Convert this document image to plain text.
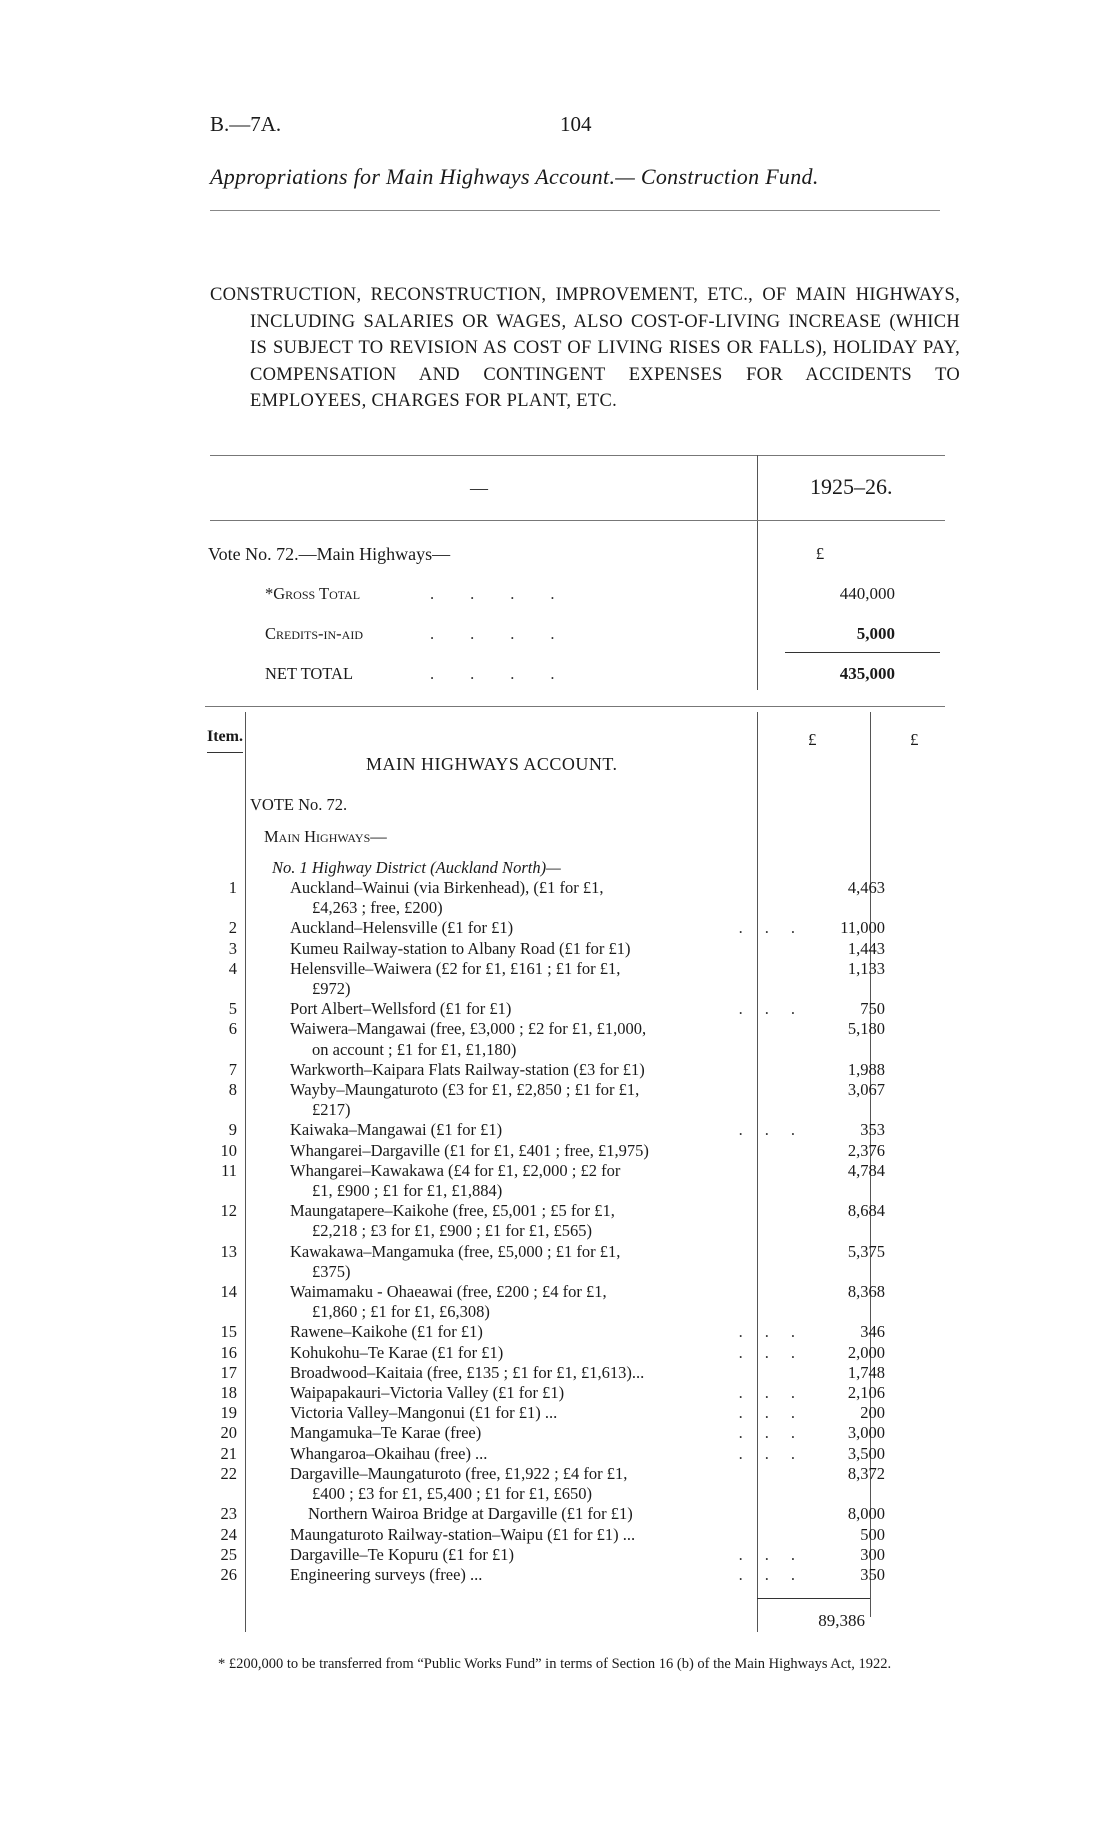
B.—7A.	104
Appropriations for Main Highways Account.— Construction Fund.

CONSTRUCTION, RECONSTRUCTION, IMPROVEMENT, ETC., OF MAIN HIGHWAYS, INCLUDING SALARIES OR WAGES, ALSO COST-OF-LIVING INCREASE (WHICH IS SUBJECT TO REVISION AS COST OF LIVING RISES OR FALLS), HOLIDAY PAY, COMPENSATION AND CONTINGENT EXPENSES FOR ACCIDENTS TO EMPLOYEES, CHARGES FOR PLANT, ETC.

—	1925–26.
Vote No. 72.—Main Highways—	£
*Gross Total	....	440,000
Credits-in-aid	....	5,000
NET TOTAL	....	435,000
Item.	£	£
MAIN HIGHWAYS ACCOUNT.
VOTE No. 72.
Main Highways—
No. 1 Highway District (Auckland North)—
1	Auckland–Wainui (via Birkenhead), (£1 for £1,
£4,263 ; free, £200)
4,463
2	Auckland–Helensville (£1 for £1)	...	11,000
3	Kumeu Railway-station to Albany Road (£1 for £1)	1,443
4	Helensville–Waiwera (£2 for £1, £161 ; £1 for £1,
£972)
1,133
5	Port Albert–Wellsford (£1 for £1)	...	750
6	Waiwera–Mangawai (free, £3,000 ; £2 for £1, £1,000,
on account ; £1 for £1, £1,180)
5,180
7	Warkworth–Kaipara Flats Railway-station (£3 for £1)	1,988
8	Wayby–Maungaturoto (£3 for £1, £2,850 ; £1 for £1,
£217)
3,067
9	Kaiwaka–Mangawai (£1 for £1)	...	353
10	Whangarei–Dargaville (£1 for £1, £401 ; free, £1,975)	2,376
11	Whangarei–Kawakawa (£4 for £1, £2,000 ; £2 for
£1, £900 ; £1 for £1, £1,884)
4,784
12	Maungatapere–Kaikohe (free, £5,001 ; £5 for £1,
£2,218 ; £3 for £1, £900 ; £1 for £1, £565)
8,684
13	Kawakawa–Mangamuka (free, £5,000 ; £1 for £1,
£375)
5,375
14	Waimamaku - Ohaeawai (free, £200 ; £4 for £1,
£1,860 ; £1 for £1, £6,308)
8,368
15	Rawene–Kaikohe (£1 for £1)	...	346
16	Kohukohu–Te Karae (£1 for £1)	...	2,000
17	Broadwood–Kaitaia (free, £135 ; £1 for £1, £1,613)...	1,748
18	Waipapakauri–Victoria Valley (£1 for £1)	...	2,106
19	Victoria Valley–Mangonui (£1 for £1) ...	...	200
20	Mangamuka–Te Karae (free)	...	3,000
21	Whangaroa–Okaihau (free) ...	...	3,500
22	Dargaville–Maungaturoto (free, £1,922 ; £4 for £1,
£400 ; £3 for £1, £5,400 ; £1 for £1, £650)
8,372
23	Northern Wairoa Bridge at Dargaville (£1 for £1)	8,000
24	Maungaturoto Railway-station–Waipu (£1 for £1) ...	500
25	Dargaville–Te Kopuru (£1 for £1)	...	300
26	Engineering surveys (free) ...	...	350
89,386
* £200,000 to be transferred from “Public Works Fund” in terms of Section 16 (b) of the Main Highways Act, 1922.
